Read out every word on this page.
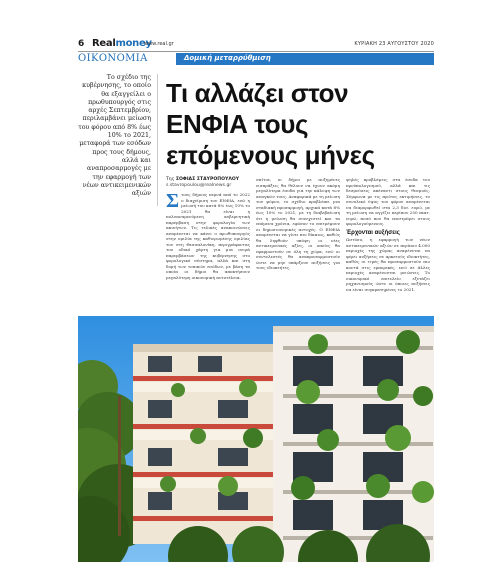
6 Realmoney
www.real.gr	ΚΥΡΙΑΚΗ 23 ΑΥΓΟΥΣΤΟΥ 2020
ΟΙΚΟΝΟΜΙΑ	Δομική μεταρρύθμιση
Το σχέδιο της κυβέρνησης, το οποίο θα εξαγγείλει ο πρωθυπουργός στις αρχές Σεπτεμβρίου, περιλαμβάνει μείωση του φόρου από 8% έως 10% το 2021, μεταφορά των εσόδων προς τους δήμους, αλλά και αναπροσαρμογές με την εφαρμογή των νέων αντικειμενικών αξιών
Τι αλλάζει στον ΕΝΦΙΑ τους επόμενους μήνες
Της ΣΟΦΙΑΣ ΣΤΑΥΡΟΠΟΥΛΟΥ
s.stavropoulou@realnews.gr
Στους δήμους περνά από το 2022 ο διαχείριση του ΕΝΦΙΑ, ενώ η μείωσή του κατά 8% έως 10% το 2021 θα είναι η πολυαναμενόμενη κυβερνητική παρέμβαση στην φορολογία των ακινήτων. Τις τελικές ανακοινώσεις αναμένεται να κάνει ο πρωθυπουργός στην ομιλία της καθιερωμένης ομιλίας του στη Θεσσαλονίκη, περιγράφοντας τον οδικό χάρτη για μια σειρά παρεμβάσεων της κυβέρνησης στο φορολογικό σύστημα, αλλά και στη δομή των τοπικών εσόδων, με βάση τα οποία οι δήμοι θα αποκτήσουν μεγαλύτερη οικονομική αυτοτέλεια.
σπίτια, οι δήμοι με αυξημένες εισπράξεις θα θέλουν να έχουν ακόμη μεγαλύτερα έσοδα για την κάλυψη των αναγκών τους. Αναφορικά με τη μείωση του φόρου, το σχέδιο προβλέπει μια σταδιακή προσαρμογή, αρχικά κατά 8% έως 10% το 2021, με τη διαβεβαίωση ότι η μείωση θα συνεχιστεί και τα επόμενα χρόνια, εφόσον το επιτρέψουν οι δημοσιονομικές αντοχές. Ο ΕΝΦΙΑ αναμένεται να γίνει πιο δίκαιος, καθώς θα ληφθούν υπόψη οι νέες αντικειμενικές αξίες, οι οποίες θα εφαρμοστούν σε όλη τη χώρα, ενώ οι συντελεστές θα αναπροσαρμοστούν ώστε να μην υπάρξουν αυξήσεις για τους ιδιοκτήτες.
ψηλές προβλέψεις στα έσοδα του προϋπολογισμού, αλλά και τις δεσμεύσεις απέναντι στους θεσμούς. Σύμφωνα με τις πρώτες εκτιμήσεις, το συνολικό ύψος του φόρου αναμένεται να διαμορφωθεί στα 2,3 δισ. ευρώ, με τη μείωση να αγγίζει περίπου 250 εκατ. ευρώ, ποσό που θα επιστρέψει στους φορολογούμενους.
Έρχονται αυξήσεις
Ωστόσο, η εφαρμογή των νέων αντικειμενικών αξιών σε περίπου 4.000 περιοχές της χώρας αναμένεται να φέρει αυξήσεις σε αρκετούς ιδιοκτήτες, καθώς οι τιμές θα προσαρμοστούν πιο κοντά στις εμπορικές, ενώ σε άλλες περιοχές αναμένονται μειώσεις. Το οικονομικό επιτελείο εξετάζει μηχανισμούς ώστε οι όποιες αυξήσεις να είναι συγκρατημένες το 2021.
